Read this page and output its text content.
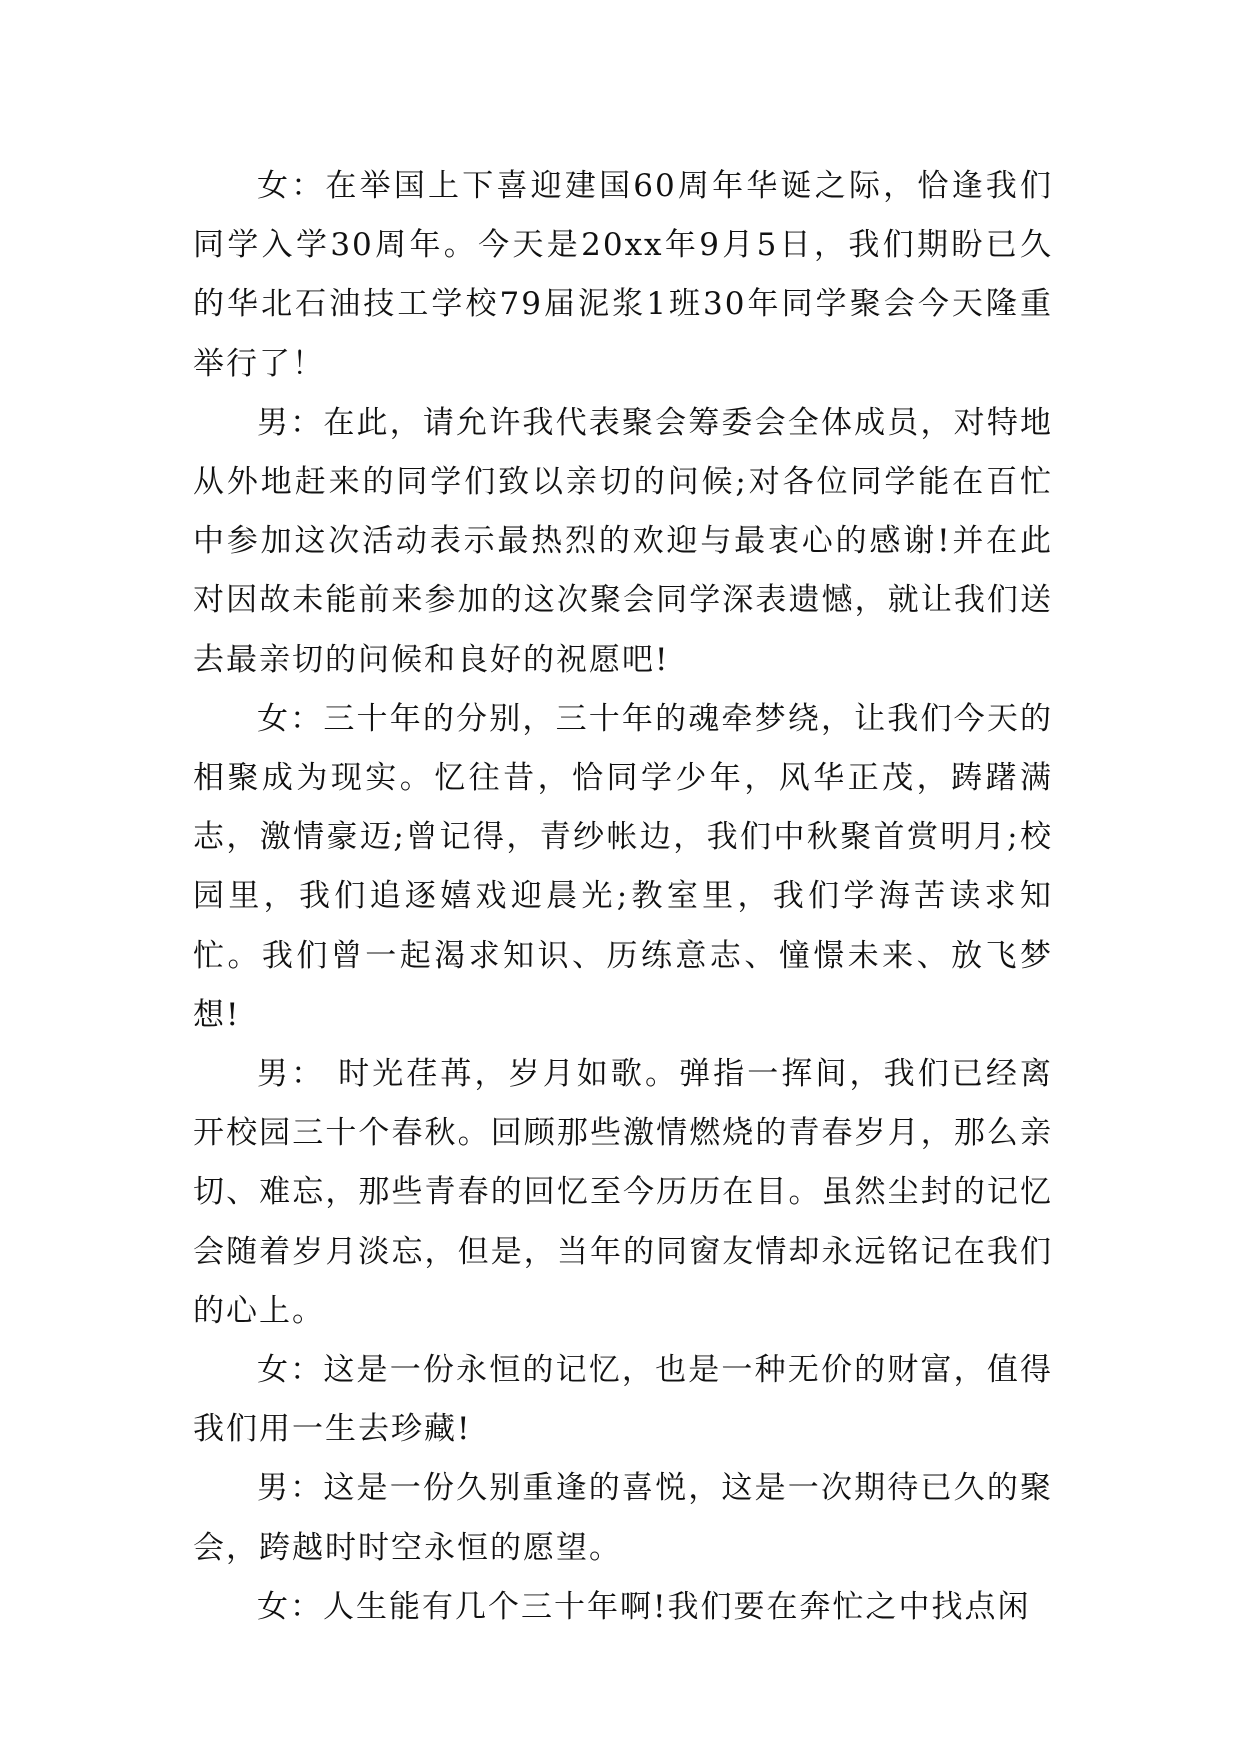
女：在举国上下喜迎建国60周年华诞之际，恰逢我们同学入学30周年。今天是20xx年9月5日，我们期盼已久的华北石油技工学校79届泥浆1班30年同学聚会今天隆重举行了！

男：在此，请允许我代表聚会筹委会全体成员，对特地从外地赶来的同学们致以亲切的问候;对各位同学能在百忙中参加这次活动表示最热烈的欢迎与最衷心的感谢!并在此对因故未能前来参加的这次聚会同学深表遗憾，就让我们送去最亲切的问候和良好的祝愿吧!

女：三十年的分别，三十年的魂牵梦绕，让我们今天的相聚成为现实。忆往昔，恰同学少年，风华正茂，踌躇满志，激情豪迈;曾记得，青纱帐边，我们中秋聚首赏明月;校园里，我们追逐嬉戏迎晨光;教室里，我们学海苦读求知忙。我们曾一起渴求知识、历练意志、憧憬未来、放飞梦想!

男： 时光荏苒，岁月如歌。弹指一挥间，我们已经离开校园三十个春秋。回顾那些激情燃烧的青春岁月，那么亲切、难忘，那些青春的回忆至今历历在目。虽然尘封的记忆会随着岁月淡忘，但是，当年的同窗友情却永远铭记在我们的心上。

女：这是一份永恒的记忆，也是一种无价的财富，值得我们用一生去珍藏!

男：这是一份久别重逢的喜悦，这是一次期待已久的聚会，跨越时时空永恒的愿望。

女：人生能有几个三十年啊!我们要在奔忙之中找点闲
